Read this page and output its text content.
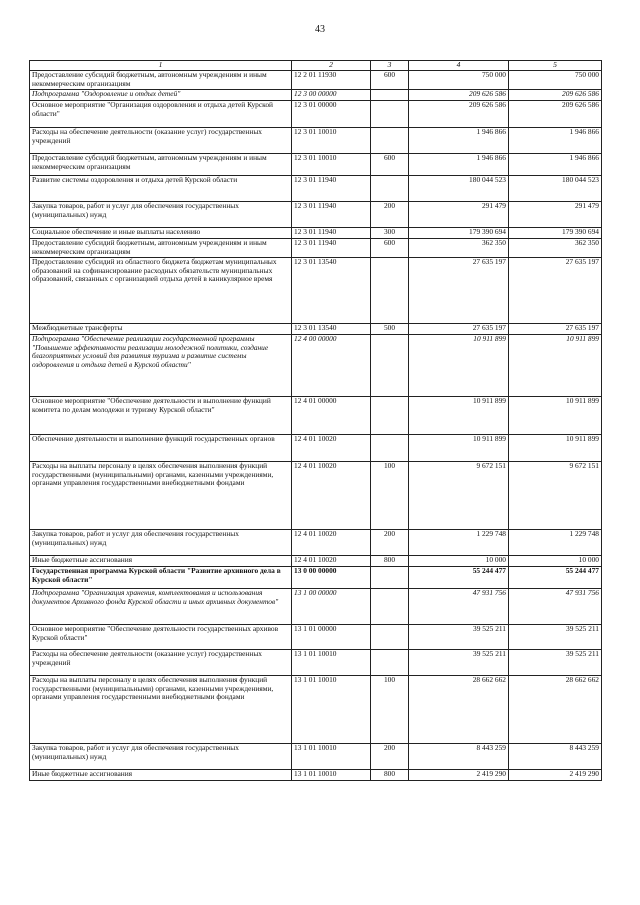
43
1	2	3	4	5
Предоставление субсидий бюджетным, автономным учреждениям и иным некоммерческим организациям	12 2 01 11930	600	750 000	750 000
Подпрограмма "Оздоровление и отдых детей"	12 3 00 00000		209 626 586	209 626 586
Основное мероприятие "Организация оздоровления и отдыха детей Курской области"	12 3 01 00000		209 626 586	209 626 586
Расходы на обеспечение деятельности (оказание услуг) государственных учреждений	12 3 01 10010		1 946 866	1 946 866
Предоставление субсидий бюджетным, автономным учреждениям и иным некоммерческим организациям	12 3 01 10010	600	1 946 866	1 946 866
Развитие системы оздоровления и отдыха детей Курской области	12 3 01 11940		180 044 523	180 044 523
Закупка товаров, работ и услуг для обеспечения государственных (муниципальных) нужд	12 3 01 11940	200	291 479	291 479
Социальное обеспечение и иные выплаты населению	12 3 01 11940	300	179 390 694	179 390 694
Предоставление субсидий бюджетным, автономным учреждениям и иным некоммерческим организациям	12 3 01 11940	600	362 350	362 350
Предоставление субсидий из областного бюджета бюджетам муниципальных образований на софинансирование расходных обязательств муниципальных образований, связанных с организацией отдыха детей в каникулярное время	12 3 01 13540		27 635 197	27 635 197
Межбюджетные трансферты	12 3 01 13540	500	27 635 197	27 635 197
Подпрограмма "Обеспечение реализации государственной программы "Повышение эффективности реализации молодежной политики, создание благоприятных условий для развития туризма и развитие системы оздоровления и отдыха детей в Курской области"	12 4 00 00000		10 911 899	10 911 899
Основное мероприятие "Обеспечение деятельности и выполнение функций комитета по делам молодежи и туризму Курской области"	12 4 01 00000		10 911 899	10 911 899
Обеспечение деятельности и выполнение функций государственных органов	12 4 01 10020		10 911 899	10 911 899
Расходы на выплаты персоналу в целях обеспечения выполнения функций государственными (муниципальными) органами, казенными учреждениями, органами управления государственными внебюджетными фондами	12 4 01 10020	100	9 672 151	9 672 151
Закупка товаров, работ и услуг для обеспечения государственных (муниципальных) нужд	12 4 01 10020	200	1 229 748	1 229 748
Иные бюджетные ассигнования	12 4 01 10020	800	10 000	10 000
Государственная программа Курской области "Развитие архивного дела в Курской области"	13 0 00 00000		55 244 477	55 244 477
Подпрограмма "Организация хранения, комплектования и использования документов Архивного фонда Курской области и иных архивных документов"	13 1 00 00000		47 931 756	47 931 756
Основное мероприятие "Обеспечение деятельности государственных архивов Курской области"	13 1 01 00000		39 525 211	39 525 211
Расходы на обеспечение деятельности (оказание услуг) государственных учреждений	13 1 01 10010		39 525 211	39 525 211
Расходы на выплаты персоналу в целях обеспечения выполнения функций государственными (муниципальными) органами, казенными учреждениями, органами управления государственными внебюджетными фондами	13 1 01 10010	100	28 662 662	28 662 662
Закупка товаров, работ и услуг для обеспечения государственных (муниципальных) нужд	13 1 01 10010	200	8 443 259	8 443 259
Иные бюджетные ассигнования	13 1 01 10010	800	2 419 290	2 419 290
